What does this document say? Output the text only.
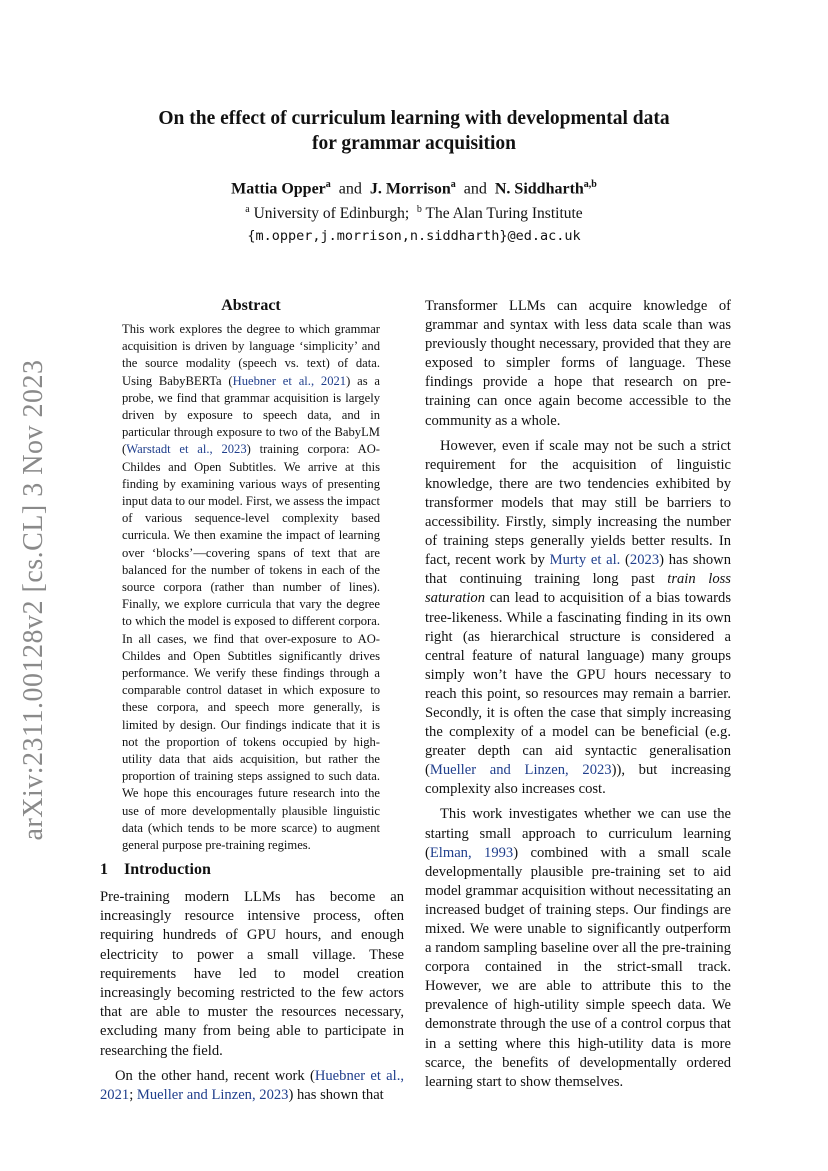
arXiv:2311.00128v2 [cs.CL] 3 Nov 2023
On the effect of curriculum learning with developmental data
for grammar acquisition
Mattia Opper$^a$ and J. Morrison$^a$ and N. Siddharth$^{a,b}$
$^a$ University of Edinburgh; $^b$ The Alan Turing Institute
{m.opper,j.morrison,n.siddharth}@ed.ac.uk
Abstract
This work explores the degree to which grammar acquisition is driven by language ‘simplicity’ and the source modality (speech vs. text) of data. Using BabyBERTa (Huebner et al., 2021) as a probe, we find that grammar acquisition is largely driven by exposure to speech data, and in particular through exposure to two of the BabyLM (Warstadt et al., 2023) training corpora: AO-Childes and Open Subtitles. We arrive at this finding by examining various ways of presenting input data to our model. First, we assess the impact of various sequence-level complexity based curricula. We then examine the impact of learning over ‘blocks’—covering spans of text that are balanced for the number of tokens in each of the source corpora (rather than number of lines). Finally, we explore curricula that vary the degree to which the model is exposed to different corpora. In all cases, we find that over-exposure to AO-Childes and Open Subtitles significantly drives performance. We verify these findings through a comparable control dataset in which exposure to these corpora, and speech more generally, is limited by design. Our findings indicate that it is not the proportion of tokens occupied by high-utility data that aids acquisition, but rather the proportion of training steps assigned to such data. We hope this encourages future research into the use of more developmentally plausible linguistic data (which tends to be more scarce) to augment general purpose pre-training regimes.
1 Introduction

Pre-training modern LLMs has become an increasingly resource intensive process, often requiring hundreds of GPU hours, and enough electricity to power a small village. These requirements have led to model creation increasingly becoming restricted to the few actors that are able to muster the resources necessary, excluding many from being able to participate in researching the field.

On the other hand, recent work (Huebner et al., 2021; Mueller and Linzen, 2023) has shown that

Transformer LLMs can acquire knowledge of grammar and syntax with less data scale than was previously thought necessary, provided that they are exposed to simpler forms of language. These findings provide a hope that research on pre-training can once again become accessible to the community as a whole.

However, even if scale may not be such a strict requirement for the acquisition of linguistic knowledge, there are two tendencies exhibited by transformer models that may still be barriers to accessibility. Firstly, simply increasing the number of training steps generally yields better results. In fact, recent work by Murty et al. (2023) has shown that continuing training long past train loss saturation can lead to acquisition of a bias towards tree-likeness. While a fascinating finding in its own right (as hierarchical structure is considered a central feature of natural language) many groups simply won’t have the GPU hours necessary to reach this point, so resources may remain a barrier. Secondly, it is often the case that simply increasing the complexity of a model can be beneficial (e.g. greater depth can aid syntactic generalisation (Mueller and Linzen, 2023)), but increasing complexity also increases cost.

This work investigates whether we can use the starting small approach to curriculum learning (Elman, 1993) combined with a small scale developmentally plausible pre-training set to aid model grammar acquisition without necessitating an increased budget of training steps. Our findings are mixed. We were unable to significantly outperform a random sampling baseline over all the pre-training corpora contained in the strict-small track. However, we are able to attribute this to the prevalence of high-utility simple speech data. We demonstrate through the use of a control corpus that in a setting where this high-utility data is more scarce, the benefits of developmentally ordered learning start to show themselves.
